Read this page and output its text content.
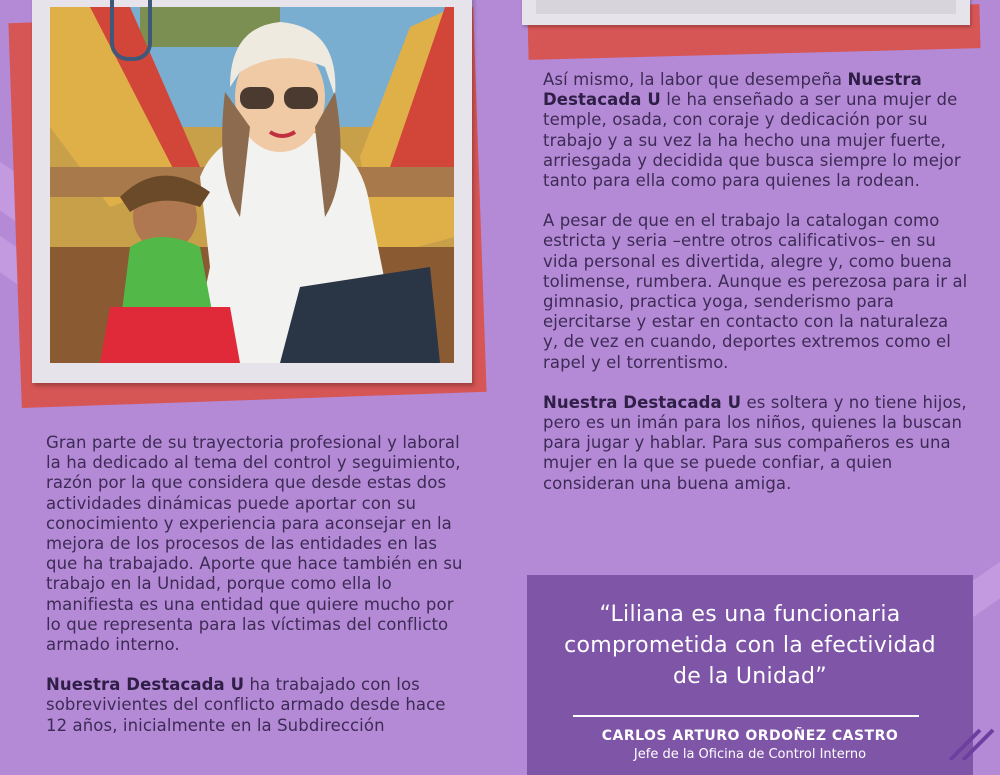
Así mismo, la labor que desempeña Nuestra Destacada U le ha enseñado a ser una mujer de temple, osada, con coraje y dedicación por su trabajo y a su vez la ha hecho una mujer fuerte, arriesgada y decidida que busca siempre lo mejor tanto para ella como para quienes la rodean.

A pesar de que en el trabajo la catalogan como estricta y seria –entre otros calificativos– en su vida personal es divertida, alegre y, como buena tolimense, rumbera. Aunque es perezosa para ir al gimnasio, practica yoga, senderismo para ejercitarse y estar en contacto con la naturaleza y, de vez en cuando, deportes extremos como el rapel y el torrentismo.

Nuestra Destacada U es soltera y no tiene hijos, pero es un imán para los niños, quienes la buscan para jugar y hablar. Para sus compañeros es una mujer en la que se puede confiar, a quien consideran una buena amiga.

Gran parte de su trayectoria profesional y laboral la ha dedicado al tema del control y seguimiento, razón por la que considera que desde estas dos actividades dinámicas puede aportar con su conocimiento y experiencia para aconsejar en la mejora de los procesos de las entidades en las que ha trabajado. Aporte que hace también en su trabajo en la Unidad, porque como ella lo manifiesta es una entidad que quiere mucho por lo que representa para las víctimas del conflicto armado interno.

Nuestra Destacada U ha trabajado con los sobrevivientes del conflicto armado desde hace 12 años, inicialmente en la Subdirección

“Liliana es una funcionaria comprometida con la efectividad de la Unidad”
CARLOS ARTURO ORDOÑEZ CASTRO
Jefe de la Oficina de Control Interno
